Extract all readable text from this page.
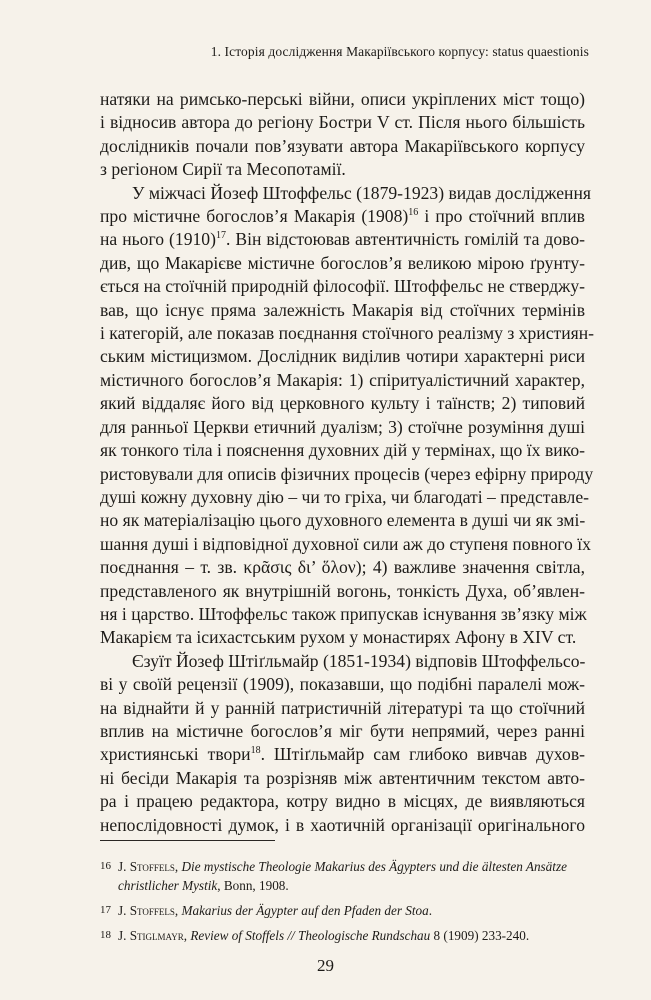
1. Історія дослідження Макаріївського корпусу: status quaestionis

натяки на римсько-перські війни, описи укріплених міст тощо)
і відносив автора до регіону Бостри V ст. Після нього більшість
дослідників почали пов’язувати автора Макаріївського корпусу
з регіоном Сирії та Месопотамії.

У міжчасі Йозеф Штоффельс (1879-1923) видав дослідження
про містичне богослов’я Макарія $(1908)^{16}$ і про стоїчний вплив
на нього $(1910)^{17}$. Він відстоював автентичність гомілій та дово-
див, що Макарієве містичне богослов’я великою мірою ґрунту-
ється на стоїчній природній філософії. Штоффельс не стверджу-
вав, що існує пряма залежність Макарія від стоїчних термінів
і категорій, але показав поєднання стоїчного реалізму з християн-
ським містицизмом. Дослідник виділив чотири характерні риси
містичного богослов’я Макарія: 1) спіритуалістичний характер,
який віддаляє його від церковного культу і таїнств; 2) типовий
для ранньої Церкви етичний дуалізм; 3) стоїчне розуміння душі
як тонкого тіла і пояснення духовних дій у термінах, що їх вико-
ристовували для описів фізичних процесів (через ефірну природу
душі кожну духовну дію – чи то гріха, чи благодаті – представле-
но як матеріалізацію цього духовного елемента в душі чи як змі-
шання душі і відповідної духовної сили аж до ступеня повного їх
поєднання – т. зв. κρᾶσις δι’ ὅλον); 4) важливе значення світла,
представленого як внутрішній вогонь, тонкість Духа, об’явлен-
ня і царство. Штоффельс також припускав існування зв’язку між
Макарієм та ісихастським рухом у монастирях Афону в XIV ст.

Єзуїт Йозеф Штіґльмайр (1851-1934) відповів Штоффельсо-
ві у своїй рецензії (1909), показавши, що подібні паралелі мож-
на віднайти й у ранній патристичній літературі та що стоїчний
вплив на містичне богослов’я міг бути непрямий, через ранні
християнські твори$^{18}$. Штіґльмайр сам глибоко вивчав духов-
ні бесіди Макарія та розрізняв між автентичним текстом авто-
ра і працею редактора, котру видно в місцях, де виявляються
непослідовності думок, і в хаотичній організації оригінального

16 J. Stoffels, Die mystische Theologie Makarius des Ägypters und die ältesten Ansätze christlicher Mystik, Bonn, 1908.
17 J. Stoffels, Makarius der Ägypter auf den Pfaden der Stoa.
18 J. Stiglmayr, Review of Stoffels // Theologische Rundschau 8 (1909) 233-240.
29
